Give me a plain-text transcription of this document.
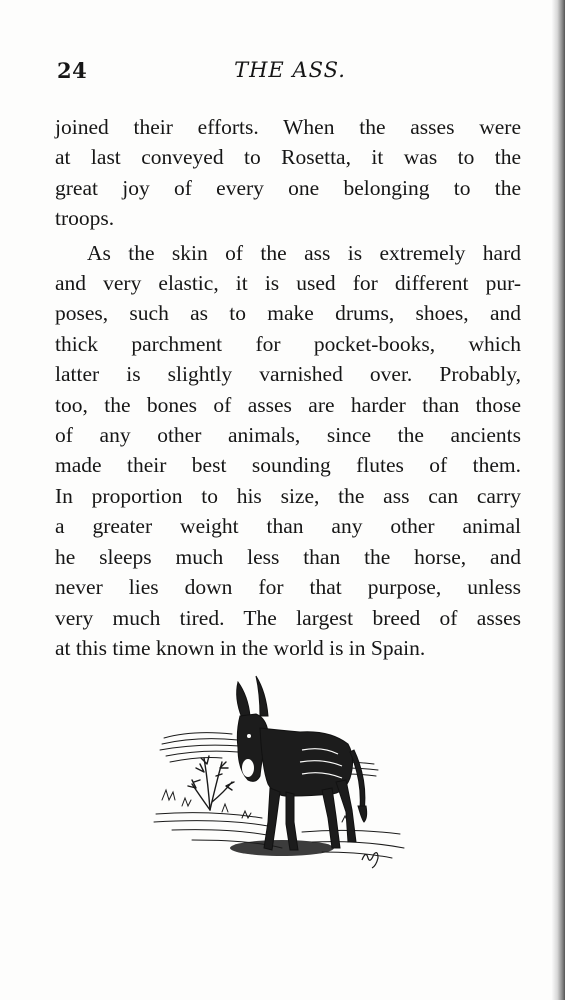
24	THE ASS.

joined their efforts. When the asses were
at last conveyed to Rosetta, it was to the
great joy of every one belonging to the
troops.

As the skin of the ass is extremely hard
and very elastic, it is used for different pur-
poses, such as to make drums, shoes, and
thick parchment for pocket-books, which
latter is slightly varnished over. Probably,
too, the bones of asses are harder than those
of any other animals, since the ancients
made their best sounding flutes of them.
In proportion to his size, the ass can carry
a greater weight than any other animal
he sleeps much less than the horse, and
never lies down for that purpose, unless
very much tired. The largest breed of asses
at this time known in the world is in Spain.
